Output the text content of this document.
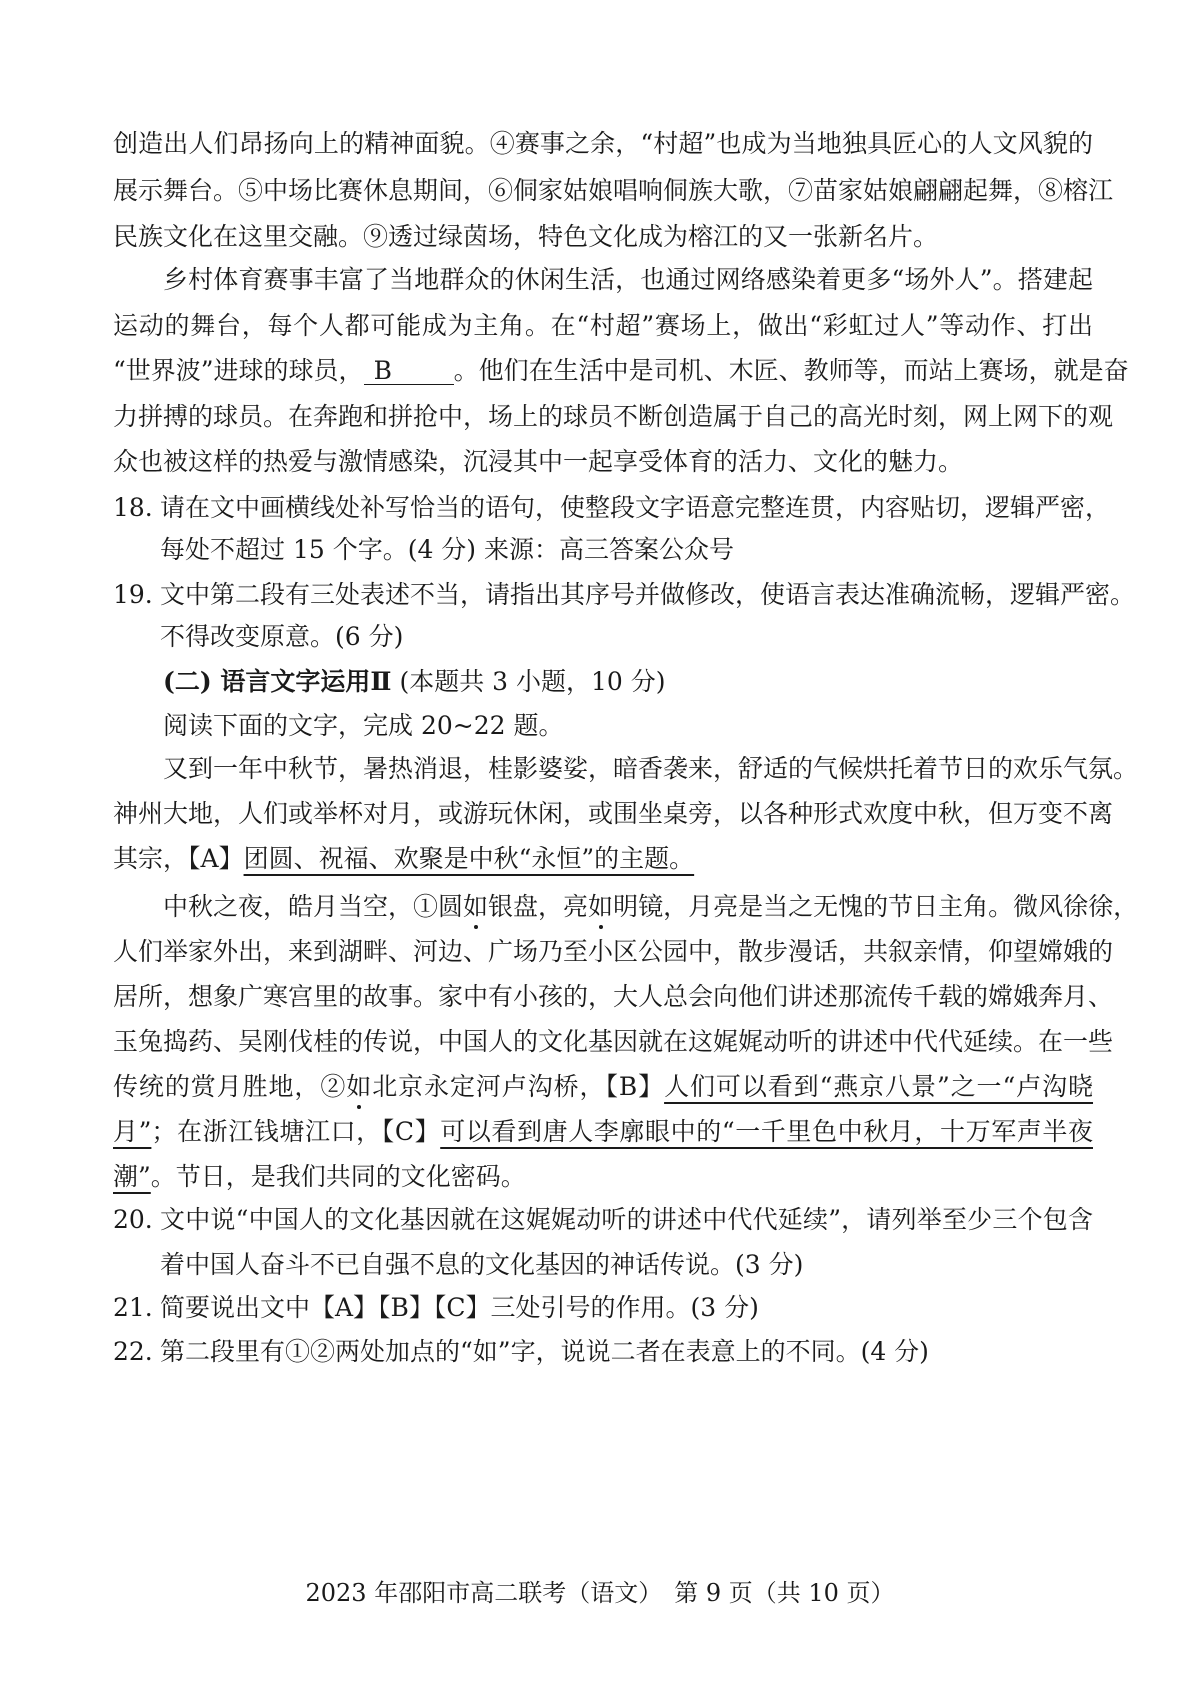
创造出人们昂扬向上的精神面貌。④赛事之余，“村超”也成为当地独具匠心的人文风貌的
展示舞台。⑤中场比赛休息期间，⑥侗家姑娘唱响侗族大歌，⑦苗家姑娘翩翩起舞，⑧榕江
民族文化在这里交融。⑨透过绿茵场，特色文化成为榕江的又一张新名片。
乡村体育赛事丰富了当地群众的休闲生活，也通过网络感染着更多“场外人”。搭建起
运动的舞台，每个人都可能成为主角。在“村超”赛场上，做出“彩虹过人”等动作、打出
“世界波”进球的球员， B 。他们在生活中是司机、木匠、教师等，而站上赛场，就是奋
力拼搏的球员。在奔跑和拼抢中，场上的球员不断创造属于自己的高光时刻，网上网下的观
众也被这样的热爱与激情感染，沉浸其中一起享受体育的活力、文化的魅力。
18. 请在文中画横线处补写恰当的语句，使整段文字语意完整连贯，内容贴切，逻辑严密，
每处不超过 15 个字。(4 分) 来源：高三答案公众号
19. 文中第二段有三处表述不当，请指出其序号并做修改，使语言表达准确流畅，逻辑严密。
不得改变原意。(6 分)
(二) 语言文字运用Ⅱ (本题共 3 小题，10 分)
阅读下面的文字，完成 20~22 题。
又到一年中秋节，暑热消退，桂影婆娑，暗香袭来，舒适的气候烘托着节日的欢乐气氛。
神州大地，人们或举杯对月，或游玩休闲，或围坐桌旁，以各种形式欢度中秋，但万变不离
其宗，【A】团圆、祝福、欢聚是中秋“永恒”的主题。
中秋之夜，皓月当空，①圆如银盘，亮如明镜，月亮是当之无愧的节日主角。微风徐徐，
人们举家外出，来到湖畔、河边、广场乃至小区公园中，散步漫话，共叙亲情，仰望嫦娥的
居所，想象广寒宫里的故事。家中有小孩的，大人总会向他们讲述那流传千载的嫦娥奔月、
玉兔捣药、吴刚伐桂的传说，中国人的文化基因就在这娓娓动听的讲述中代代延续。在一些
传统的赏月胜地，②如北京永定河卢沟桥，【B】人们可以看到“燕京八景”之一“卢沟晓
月”；在浙江钱塘江口，【C】可以看到唐人李廓眼中的“一千里色中秋月，十万军声半夜
潮”。节日，是我们共同的文化密码。
20. 文中说“中国人的文化基因就在这娓娓动听的讲述中代代延续”，请列举至少三个包含
着中国人奋斗不已自强不息的文化基因的神话传说。(3 分)
21. 简要说出文中【A】【B】【C】三处引号的作用。(3 分)
22. 第二段里有①②两处加点的“如”字，说说二者在表意上的不同。(4 分)
2023 年邵阳市高二联考（语文）　第 9 页（共 10 页）
